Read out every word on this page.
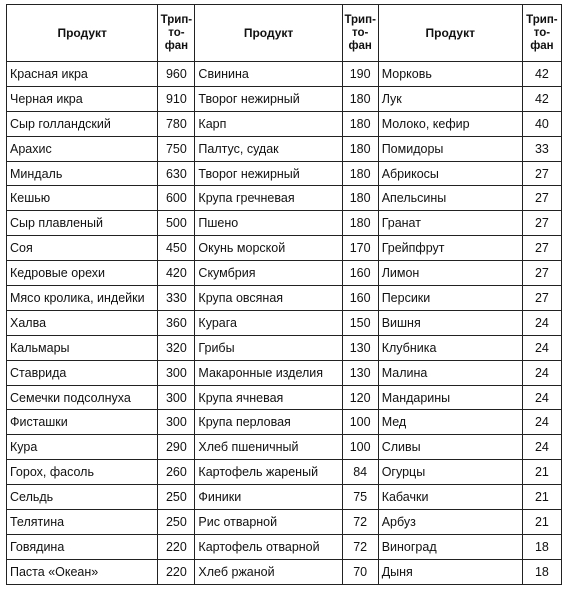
Продукт	Трип-
то-
фан	Продукт	Трип-
то-
фан	Продукт	Трип-
то-
фан
Красная икра	960	Свинина	190	Морковь	42
Черная икра	910	Творог нежирный	180	Лук	42
Сыр голландский	780	Карп	180	Молоко, кефир	40
Арахис	750	Палтус, судак	180	Помидоры	33
Миндаль	630	Творог нежирный	180	Абрикосы	27
Кешью	600	Крупа гречневая	180	Апельсины	27
Сыр плавленый	500	Пшено	180	Гранат	27
Соя	450	Окунь морской	170	Грейпфрут	27
Кедровые орехи	420	Скумбрия	160	Лимон	27
Мясо кролика, индейки	330	Крупа овсяная	160	Персики	27
Халва	360	Курага	150	Вишня	24
Кальмары	320	Грибы	130	Клубника	24
Ставрида	300	Макаронные изделия	130	Малина	24
Семечки подсолнуха	300	Крупа ячневая	120	Мандарины	24
Фисташки	300	Крупа перловая	100	Мед	24
Кура	290	Хлеб пшеничный	100	Сливы	24
Горох, фасоль	260	Картофель жареный	84	Огурцы	21
Сельдь	250	Финики	75	Кабачки	21
Телятина	250	Рис отварной	72	Арбуз	21
Говядина	220	Картофель отварной	72	Виноград	18
Паста «Океан»	220	Хлеб ржаной	70	Дыня	18
